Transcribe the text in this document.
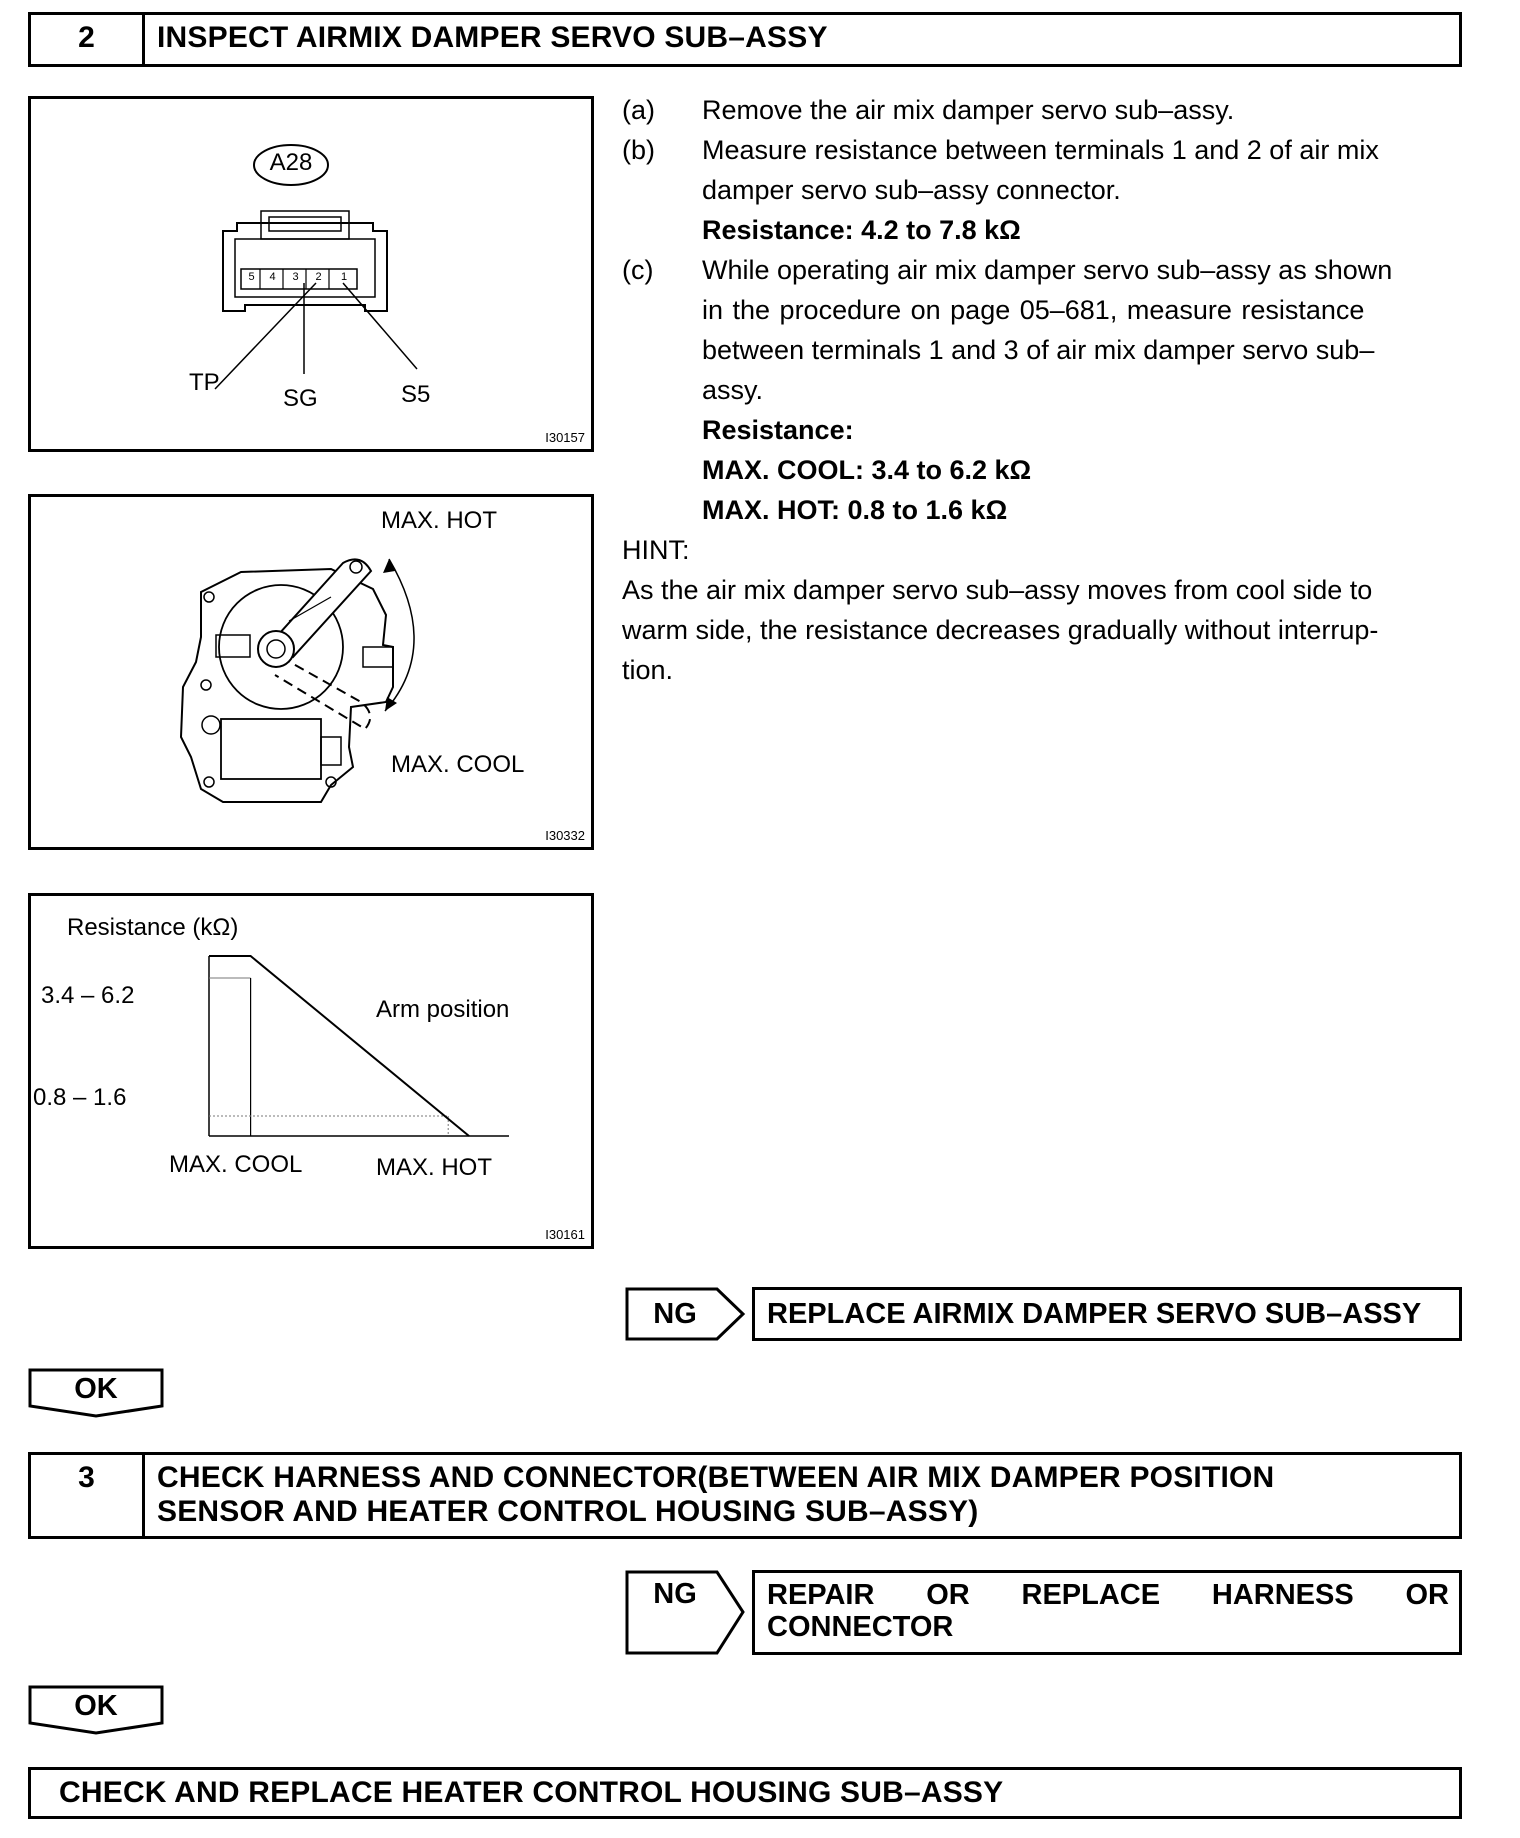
2	INSPECT AIRMIX DAMPER SERVO SUB–ASSY
A28
5	4	3	2	1
TP
SG	S5
I30157
MAX. HOT
MAX. COOL
I30332
Resistance (kΩ)
3.4 – 6.2
0.8 – 1.6
Arm position
MAX. COOL	MAX. HOT
I30161
(a)	Remove the air mix damper servo sub–assy.
(b)	Measure resistance between terminals 1 and 2 of air mix
damper servo sub–assy connector.
Resistance: 4.2 to 7.8 kΩ
(c)	While operating air mix damper servo sub–assy as shown
in the procedure on page 05–681, measure resistance
between terminals 1 and 3 of air mix damper servo sub–
assy.
Resistance:
MAX. COOL: 3.4 to 6.2 kΩ
MAX. HOT: 0.8 to 1.6 kΩ
HINT:
As the air mix damper servo sub–assy moves from cool side to
warm side, the resistance decreases gradually without interrup-
tion.
NG	REPLACE AIRMIX DAMPER SERVO SUB–ASSY
OK
3	CHECK HARNESS AND CONNECTOR(BETWEEN AIR MIX DAMPER POSITION
SENSOR AND HEATER CONTROL HOUSING SUB–ASSY)
NG	REPAIR OR REPLACE HARNESS OR
CONNECTOR
OK
CHECK AND REPLACE HEATER CONTROL HOUSING SUB–ASSY
